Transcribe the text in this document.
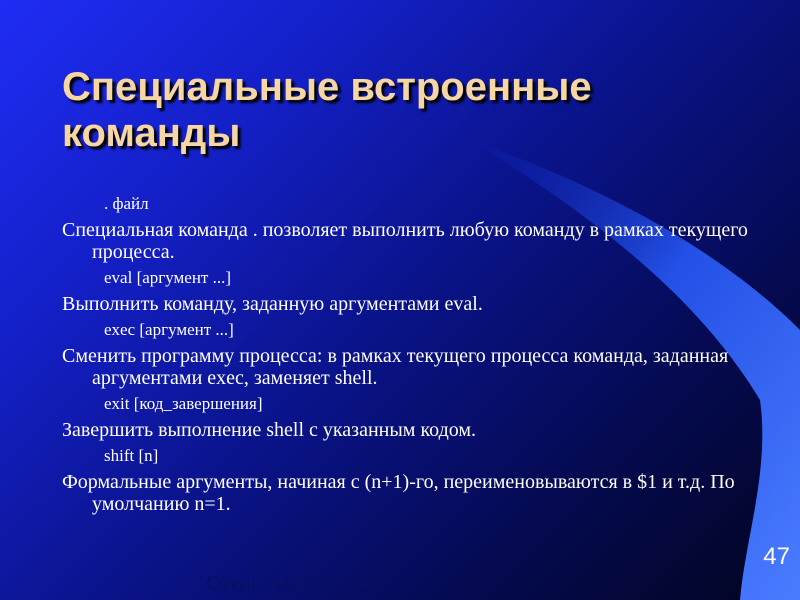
Специальные встроенные команды

. файл

Специальная команда . позволяет выполнить любую команду в рамках текущего процесса.

eval [аргумент ...]

Выполнить команду, заданную аргументами eval.

exec [аргумент ...]

Сменить программу процесса: в рамках текущего процесса команда, заданная аргументами exec, заменяет shell.

exit [код_завершения]

Завершить выполнение shell с указанным кодом.

shift [n]

Формальные аргументы, начиная с (n+1)-го, переименовываются в $1 и т.д. По умолчанию n=1.

47
Открытые системы
